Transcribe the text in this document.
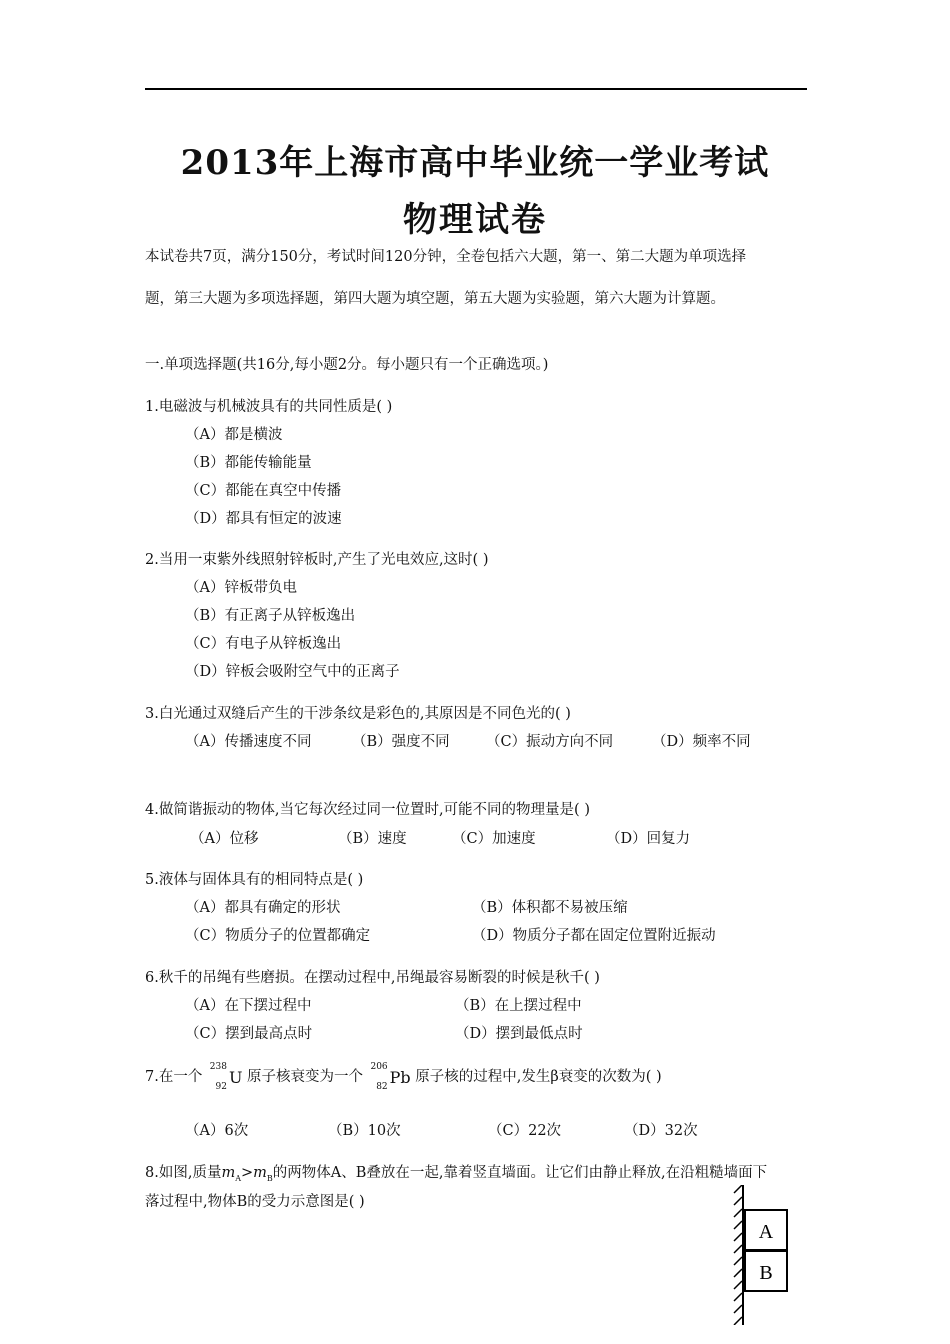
2013年上海市高中毕业统一学业考试
物理试卷
本试卷共7页，满分150分，考试时间120分钟，全卷包括六大题，第一、第二大题为单项选择
题，第三大题为多项选择题，第四大题为填空题，第五大题为实验题，第六大题为计算题。
一.单项选择题(共16分,每小题2分。每小题只有一个正确选项。)
1.电磁波与机械波具有的共同性质是( )
（A）都是横波
（B）都能传输能量
（C）都能在真空中传播
（D）都具有恒定的波速
2.当用一束紫外线照射锌板时,产生了光电效应,这时( )
（A）锌板带负电
（B）有正离子从锌板逸出
（C）有电子从锌板逸出
（D）锌板会吸附空气中的正离子
3.白光通过双缝后产生的干涉条纹是彩色的,其原因是不同色光的( )
（A）传播速度不同	（B）强度不同	（C）振动方向不同	（D）频率不同
4.做简谐振动的物体,当它每次经过同一位置时,可能不同的物理量是( )
（A）位移	（B）速度	（C）加速度	（D）回复力
5.液体与固体具有的相同特点是( )
（A）都具有确定的形状	（B）体积都不易被压缩
（C）物质分子的位置都确定	（D）物质分子都在固定位置附近振动
6.秋千的吊绳有些磨损。在摆动过程中,吊绳最容易断裂的时候是秋千( )
（A）在下摆过程中	（B）在上摆过程中
（C）摆到最高点时	（D）摆到最低点时
7.在一个
238
92
U 原子核衰变为一个
206
82
Pb 原子核的过程中,发生β衰变的次数为( )
（A）6次	（B）10次	（C）22次	（D）32次
8.如图,质量$m_A>m_B$的两物体A、B叠放在一起,靠着竖直墙面。让它们由静止释放,在沿粗糙墙面下
落过程中,物体B的受力示意图是( )
A
B
